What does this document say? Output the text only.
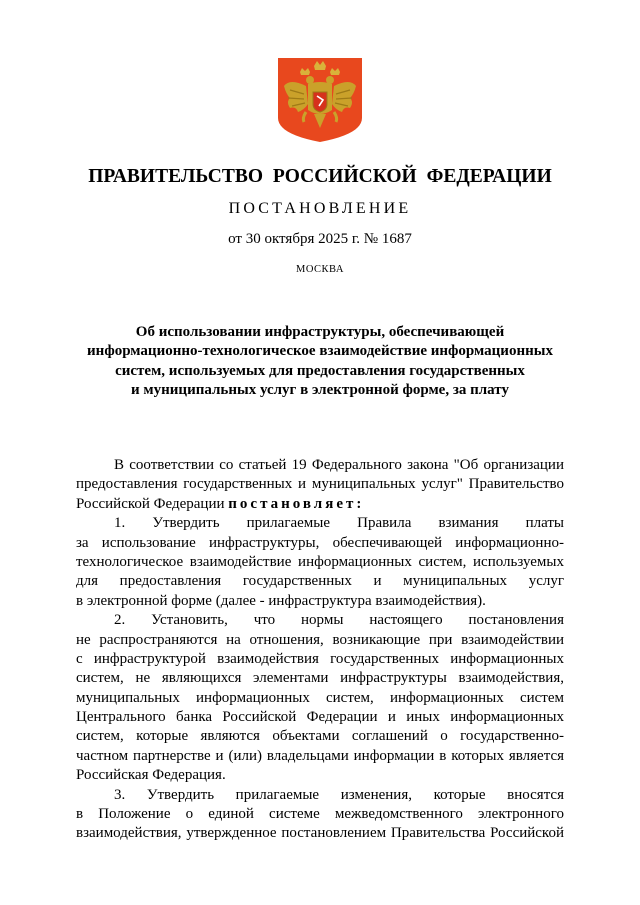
ПРАВИТЕЛЬСТВО РОССИЙСКОЙ ФЕДЕРАЦИИ
ПОСТАНОВЛЕНИЕ
от 30 октября 2025 г. № 1687
МОСКВА
Об использовании инфраструктуры, обеспечивающей
информационно-технологическое взаимодействие информационных
систем, используемых для предоставления государственных
и муниципальных услуг в электронной форме, за плату
В соответствии со статьей 19 Федерального закона "Об организации
предоставления государственных и муниципальных услуг" Правительство
Российской Федерации постановляет:
1. Утвердить прилагаемые Правила взимания платы
за использование инфраструктуры, обеспечивающей информационно-
технологическое взаимодействие информационных систем, используемых
для предоставления государственных и муниципальных услуг
в электронной форме (далее - инфраструктура взаимодействия).
2. Установить, что нормы настоящего постановления
не распространяются на отношения, возникающие при взаимодействии
с инфраструктурой взаимодействия государственных информационных
систем, не являющихся элементами инфраструктуры взаимодействия,
муниципальных информационных систем, информационных систем
Центрального банка Российской Федерации и иных информационных
систем, которые являются объектами соглашений о государственно-
частном партнерстве и (или) владельцами информации в которых является
Российская Федерация.
3. Утвердить прилагаемые изменения, которые вносятся
в Положение о единой системе межведомственного электронного
взаимодействия, утвержденное постановлением Правительства Российской
